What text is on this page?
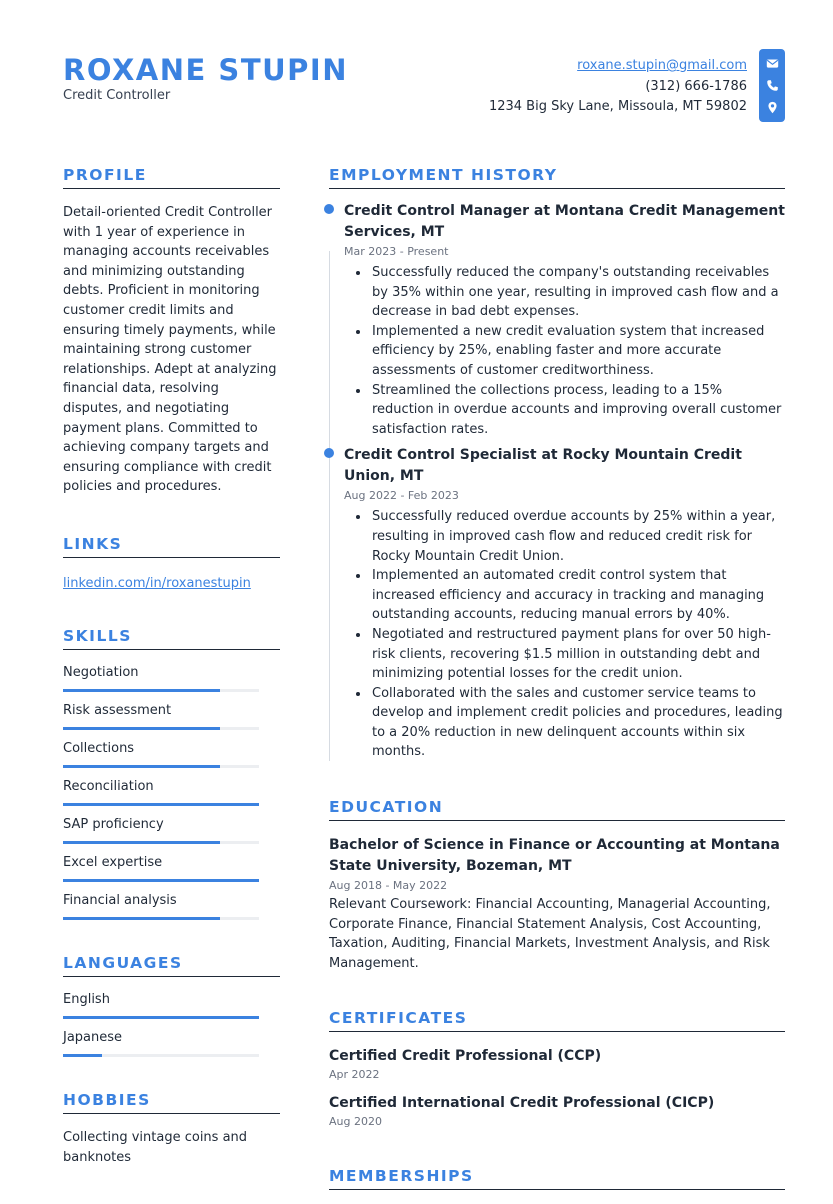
ROXANE STUPIN
Credit Controller
roxane.stupin@gmail.com
(312) 666-1786
1234 Big Sky Lane, Missoula, MT 59802
PROFILE

Detail-oriented Credit Controller with 1 year of experience in managing accounts receivables and minimizing outstanding debts. Proficient in monitoring customer credit limits and ensuring timely payments, while maintaining strong customer relationships. Adept at analyzing financial data, resolving disputes, and negotiating payment plans. Committed to achieving company targets and ensuring compliance with credit policies and procedures.

LINKS
linkedin.com/in/roxanestupin
SKILLS
Negotiation
Risk assessment
Collections
Reconciliation
SAP proficiency
Excel expertise
Financial analysis
LANGUAGES
English
Japanese
HOBBIES

Collecting vintage coins and banknotes

EMPLOYMENT HISTORY
Credit Control Manager at Montana Credit Management Services, MT

Mar 2023 - Present

• Successfully reduced the company's outstanding receivables by 35% within one year, resulting in improved cash flow and a decrease in bad debt expenses.
• Implemented a new credit evaluation system that increased efficiency by 25%, enabling faster and more accurate assessments of customer creditworthiness.
• Streamlined the collections process, leading to a 15% reduction in overdue accounts and improving overall customer satisfaction rates.
Credit Control Specialist at Rocky Mountain Credit Union, MT

Aug 2022 - Feb 2023

• Successfully reduced overdue accounts by 25% within a year, resulting in improved cash flow and reduced credit risk for Rocky Mountain Credit Union.
• Implemented an automated credit control system that increased efficiency and accuracy in tracking and managing outstanding accounts, reducing manual errors by 40%.
• Negotiated and restructured payment plans for over 50 high-risk clients, recovering $1.5 million in outstanding debt and minimizing potential losses for the credit union.
• Collaborated with the sales and customer service teams to develop and implement credit policies and procedures, leading to a 20% reduction in new delinquent accounts within six months.
EDUCATION
Bachelor of Science in Finance or Accounting at Montana State University, Bozeman, MT

Aug 2018 - May 2022

Relevant Coursework: Financial Accounting, Managerial Accounting, Corporate Finance, Financial Statement Analysis, Cost Accounting, Taxation, Auditing, Financial Markets, Investment Analysis, and Risk Management.

CERTIFICATES
Certified Credit Professional (CCP)

Apr 2022

Certified International Credit Professional (CICP)

Aug 2020

MEMBERSHIPS
